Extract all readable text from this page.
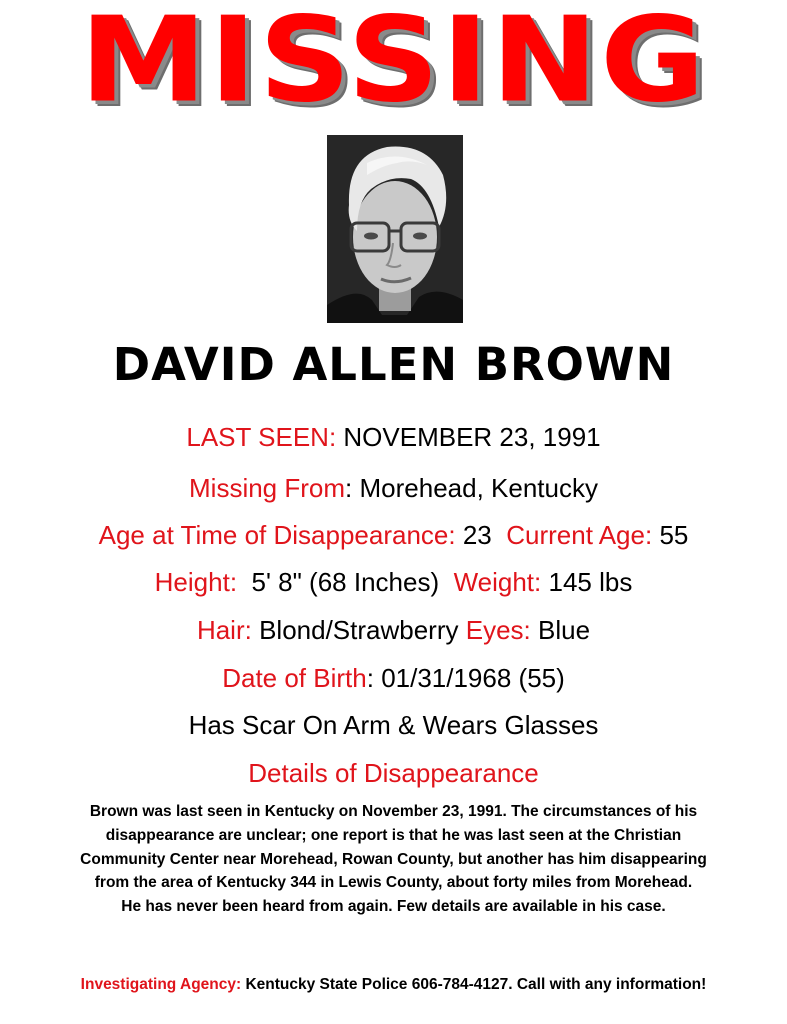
MISSING
DAVID ALLEN BROWN
LAST SEEN: NOVEMBER 23, 1991
Missing From: Morehead, Kentucky
Age at Time of Disappearance: 23 Current Age: 55
Height: 5' 8" (68 Inches) Weight: 145 lbs
Hair: Blond/Strawberry Eyes: Blue
Date of Birth: 01/31/1968 (55)
Has Scar On Arm & Wears Glasses
Details of Disappearance
Brown was last seen in Kentucky on November 23, 1991. The circumstances of his
disappearance are unclear; one report is that he was last seen at the Christian
Community Center near Morehead, Rowan County, but another has him disappearing
from the area of Kentucky 344 in Lewis County, about forty miles from Morehead.
He has never been heard from again. Few details are available in his case.
Investigating Agency: Kentucky State Police 606-784-4127. Call with any information!
